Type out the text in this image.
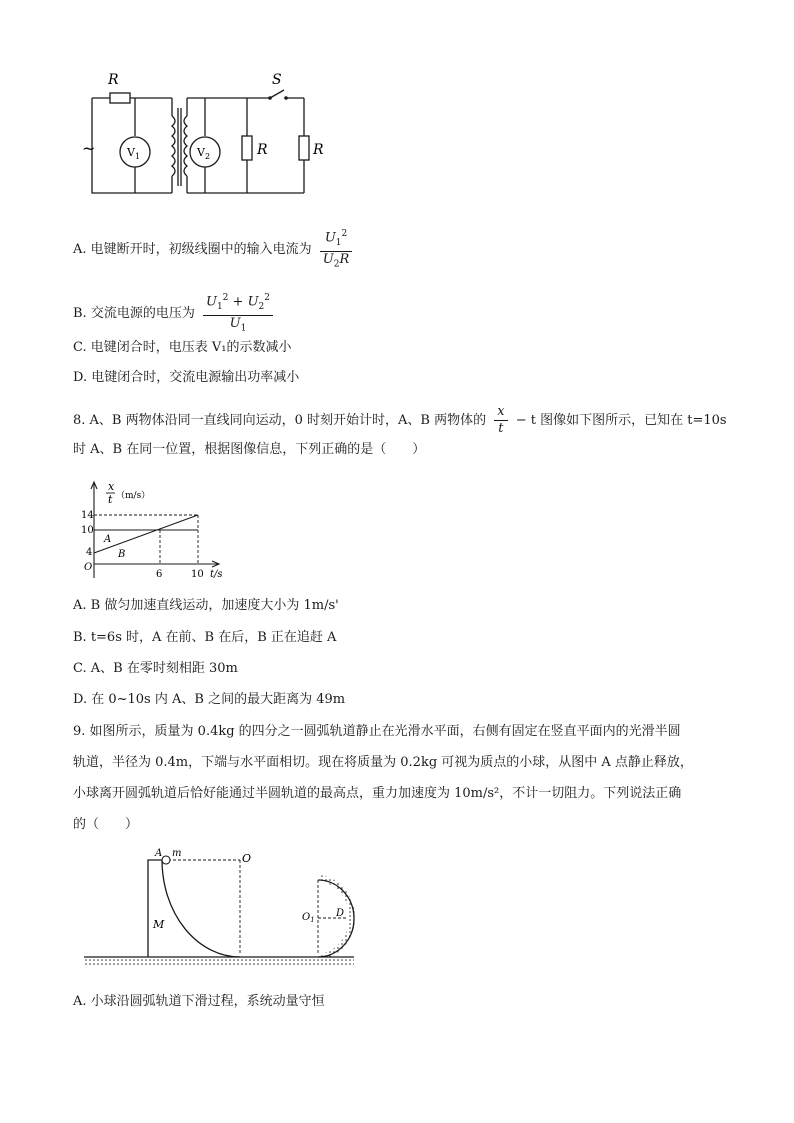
R	S
~	$V_1$	$V_2$	R	R
A. 电键断开时，初级线圈中的输入电流为 $\frac{U_1^2}{U_2R}$
B. 交流电源的电压为 $\frac{U_1^2 + U_2^2}{U_1}$
C. 电键闭合时，电压表 V₁的示数减小
D. 电键闭合时，交流电源输出功率减小
8. A、B 两物体沿同一直线同向运动，0 时刻开始计时，A、B 两物体的 $\frac{x}{t} - t$ 图像如下图所示，已知在 t=10s
时 A、B 在同一位置，根据图像信息，下列正确的是（　　）
x
t （m/s）
14
10
4
O
6	10 t/s
A
B
A. B 做匀加速直线运动，加速度大小为 1m/s'
B. t=6s 时，A 在前、B 在后，B 正在追赶 A
C. A、B 在零时刻相距 30m
D. 在 0~10s 内 A、B 之间的最大距离为 49m
9. 如图所示，质量为 0.4kg 的四分之一圆弧轨道静止在光滑水平面，右侧有固定在竖直平面内的光滑半圆
轨道，半径为 0.4m，下端与水平面相切。现在将质量为 0.2kg 可视为质点的小球，从图中 A 点静止释放，
小球离开圆弧轨道后恰好能通过半圆轨道的最高点，重力加速度为 10m/s²，不计一切阻力。下列说法正确
的（　　）
A m	O
M
$O_1$
D
A. 小球沿圆弧轨道下滑过程，系统动量守恒
